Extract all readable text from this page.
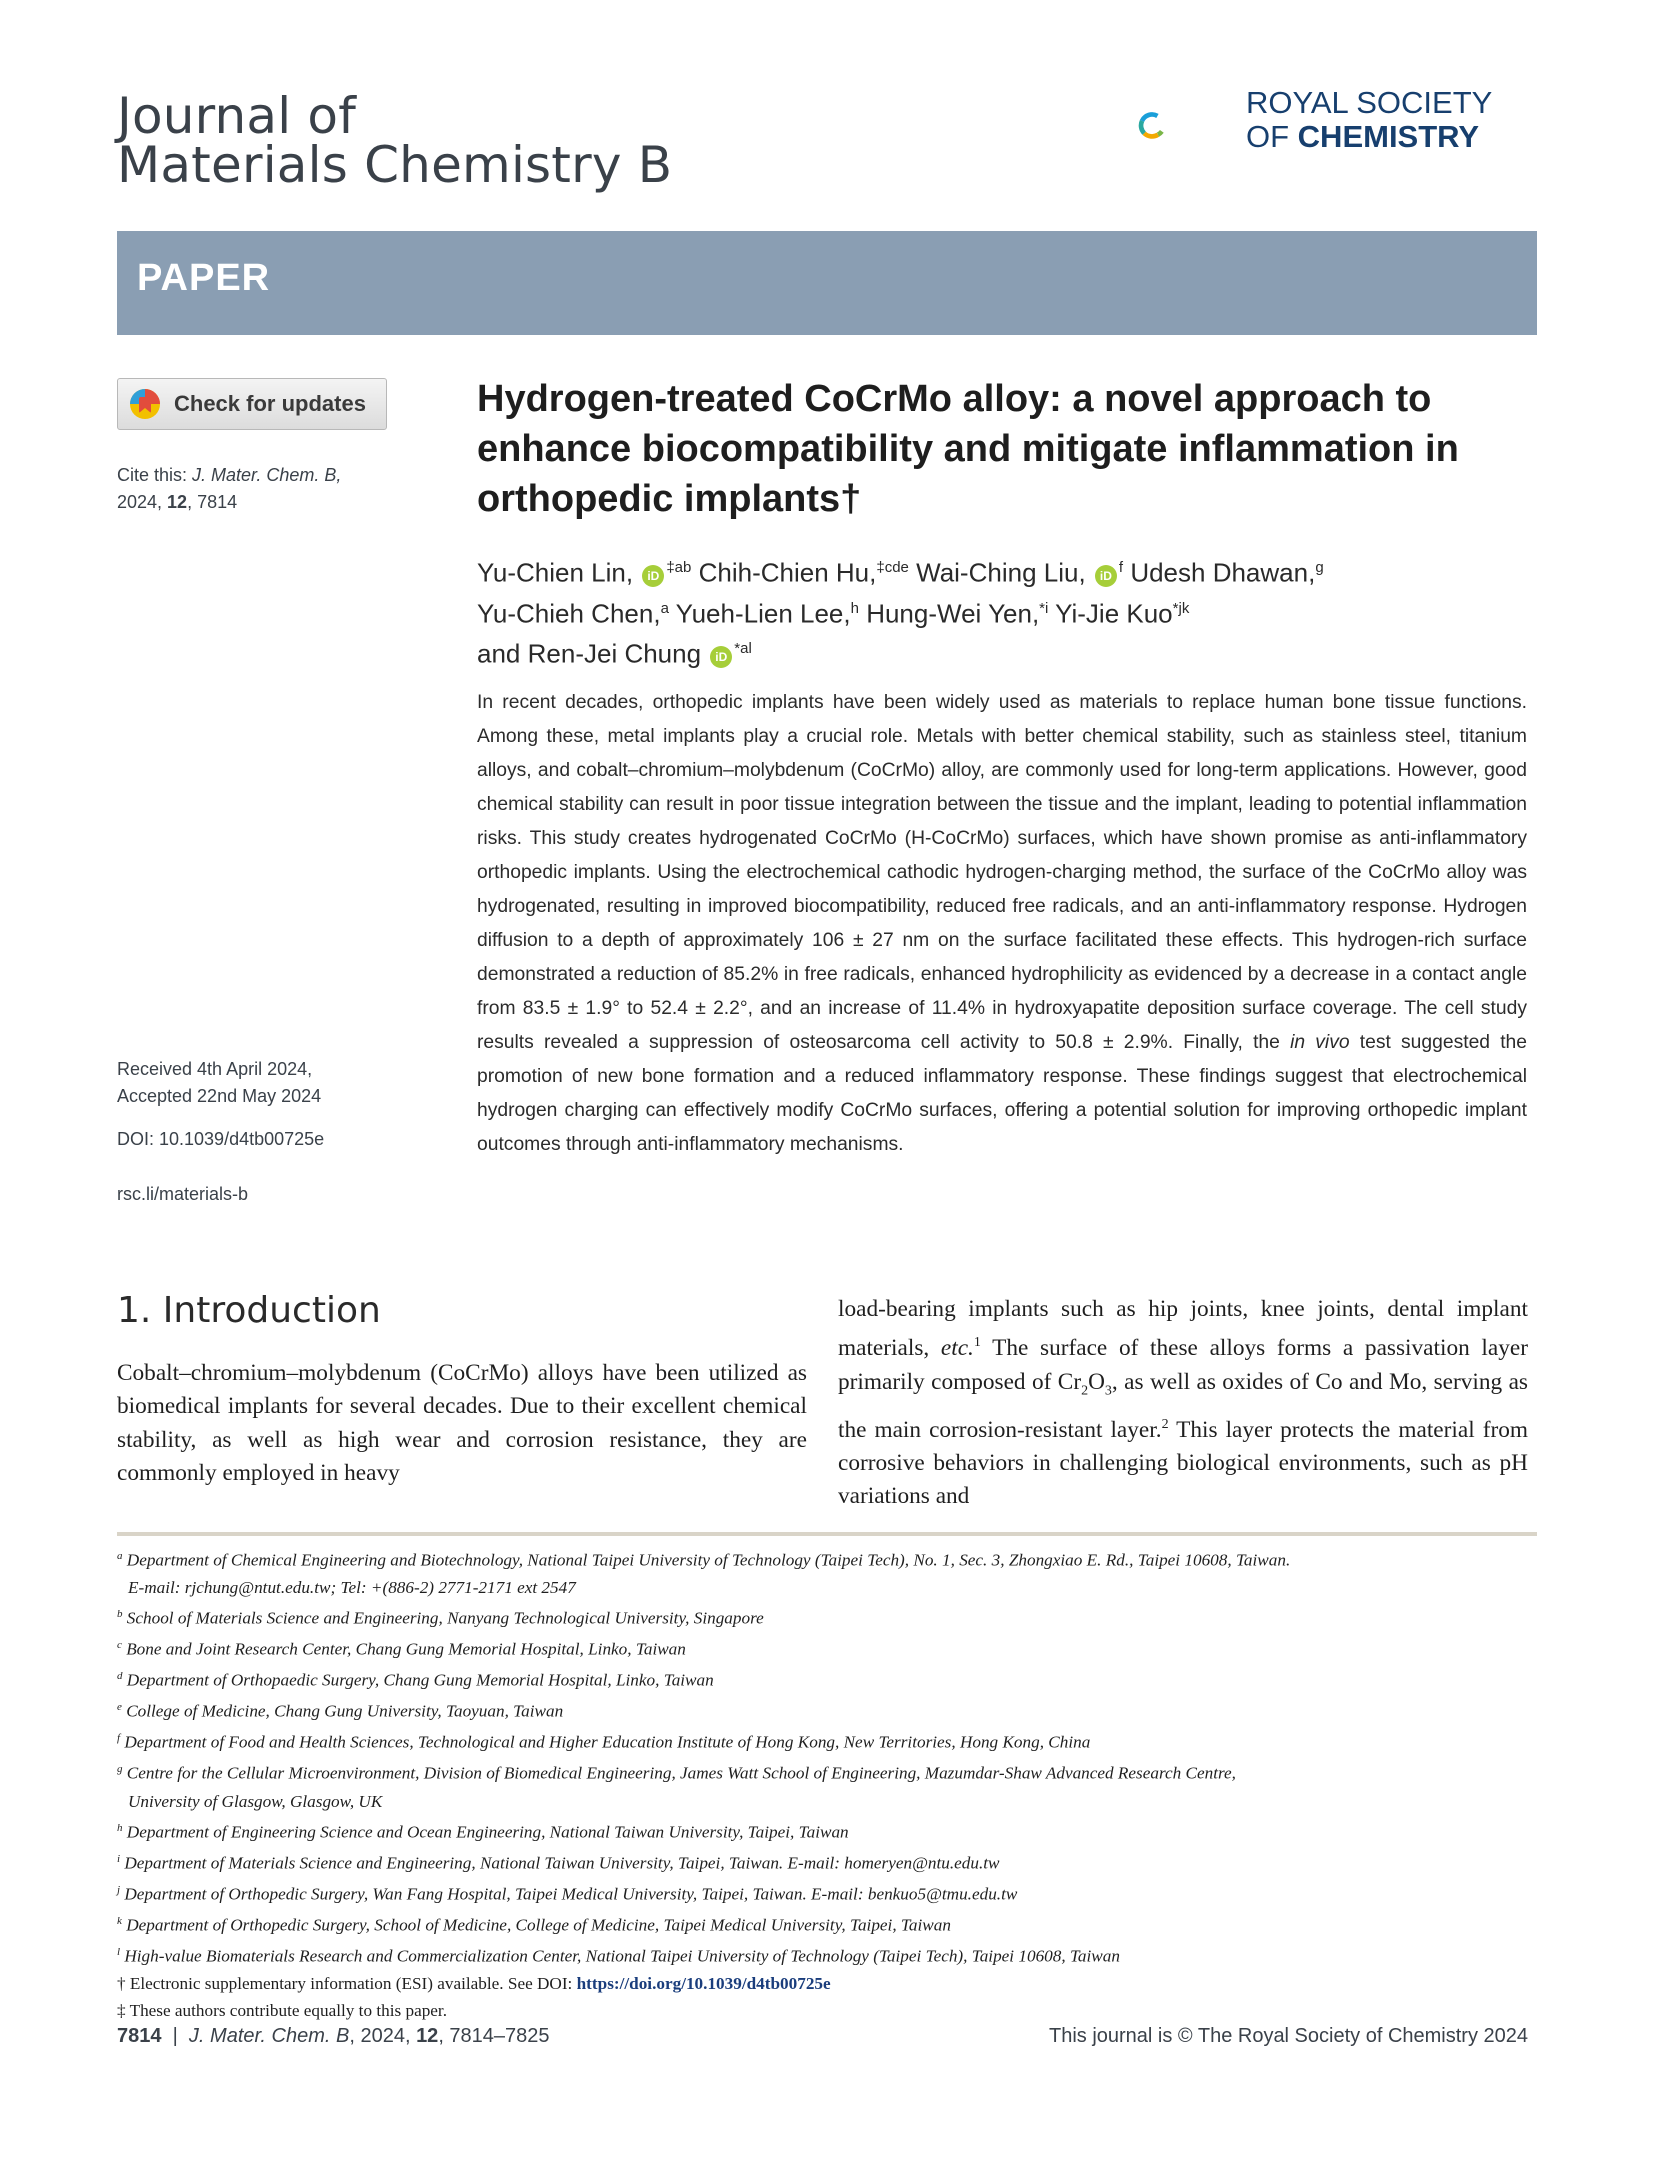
Journal of
Materials Chemistry B
ROYAL SOCIETY
OF CHEMISTRY
PAPER
Check for updates
Cite this: J. Mater. Chem. B,
2024, 12, 7814
Received 4th April 2024,
Accepted 22nd May 2024
DOI: 10.1039/d4tb00725e
rsc.li/materials-b
Hydrogen-treated CoCrMo alloy: a novel approach to enhance biocompatibility and mitigate inflammation in orthopedic implants†
Yu-Chien Lin, iD $^{\ddagger ab}$ Chih-Chien Hu,$^{\ddagger cde}$ Wai-Ching Liu, iD $^f$ Udesh Dhawan,$^g$
Yu-Chieh Chen,$^a$ Yueh-Lien Lee,$^h$ Hung-Wei Yen,$^{*i}$ Yi-Jie Kuo$^{*jk}$
and Ren-Jei Chung iD $^{*al}$
In recent decades, orthopedic implants have been widely used as materials to replace human bone tissue functions. Among these, metal implants play a crucial role. Metals with better chemical stability, such as stainless steel, titanium alloys, and cobalt–chromium–molybdenum (CoCrMo) alloy, are commonly used for long-term applications. However, good chemical stability can result in poor tissue integration between the tissue and the implant, leading to potential inflammation risks. This study creates hydrogenated CoCrMo (H-CoCrMo) surfaces, which have shown promise as anti-inflammatory orthopedic implants. Using the electrochemical cathodic hydrogen-charging method, the surface of the CoCrMo alloy was hydrogenated, resulting in improved biocompatibility, reduced free radicals, and an anti-inflammatory response. Hydrogen diffusion to a depth of approximately 106 ± 27 nm on the surface facilitated these effects. This hydrogen-rich surface demonstrated a reduction of 85.2% in free radicals, enhanced hydrophilicity as evidenced by a decrease in a contact angle from 83.5 ± 1.9° to 52.4 ± 2.2°, and an increase of 11.4% in hydroxyapatite deposition surface coverage. The cell study results revealed a suppression of osteosarcoma cell activity to 50.8 ± 2.9%. Finally, the in vivo test suggested the promotion of new bone formation and a reduced inflammatory response. These findings suggest that electrochemical hydrogen charging can effectively modify CoCrMo surfaces, offering a potential solution for improving orthopedic implant outcomes through anti-inflammatory mechanisms.
1. Introduction
Cobalt–chromium–molybdenum (CoCrMo) alloys have been utilized as biomedical implants for several decades. Due to their excellent chemical stability, as well as high wear and corrosion resistance, they are commonly employed in heavy
load-bearing implants such as hip joints, knee joints, dental implant materials, etc.$^1$ The surface of these alloys forms a passivation layer primarily composed of $Cr_2O_3$, as well as oxides of Co and Mo, serving as the main corrosion-resistant layer.$^2$ This layer protects the material from corrosive behaviors in challenging biological environments, such as pH variations and
$^a$ Department of Chemical Engineering and Biotechnology, National Taipei University of Technology (Taipei Tech), No. 1, Sec. 3, Zhongxiao E. Rd., Taipei 10608, Taiwan.
E-mail: rjchung@ntut.edu.tw; Tel: +(886-2) 2771-2171 ext 2547
$^b$ School of Materials Science and Engineering, Nanyang Technological University, Singapore
$^c$ Bone and Joint Research Center, Chang Gung Memorial Hospital, Linko, Taiwan
$^d$ Department of Orthopaedic Surgery, Chang Gung Memorial Hospital, Linko, Taiwan
$^e$ College of Medicine, Chang Gung University, Taoyuan, Taiwan
$^f$ Department of Food and Health Sciences, Technological and Higher Education Institute of Hong Kong, New Territories, Hong Kong, China
$^g$ Centre for the Cellular Microenvironment, Division of Biomedical Engineering, James Watt School of Engineering, Mazumdar-Shaw Advanced Research Centre,
University of Glasgow, Glasgow, UK
$^h$ Department of Engineering Science and Ocean Engineering, National Taiwan University, Taipei, Taiwan
$^i$ Department of Materials Science and Engineering, National Taiwan University, Taipei, Taiwan. E-mail: homeryen@ntu.edu.tw
$^j$ Department of Orthopedic Surgery, Wan Fang Hospital, Taipei Medical University, Taipei, Taiwan. E-mail: benkuo5@tmu.edu.tw
$^k$ Department of Orthopedic Surgery, School of Medicine, College of Medicine, Taipei Medical University, Taipei, Taiwan
$^l$ High-value Biomaterials Research and Commercialization Center, National Taipei University of Technology (Taipei Tech), Taipei 10608, Taiwan
† Electronic supplementary information (ESI) available. See DOI: https://doi.org/10.1039/d4tb00725e
‡ These authors contribute equally to this paper.
7814  |  J. Mater. Chem. B, 2024, 12, 7814–7825	This journal is © The Royal Society of Chemistry 2024
